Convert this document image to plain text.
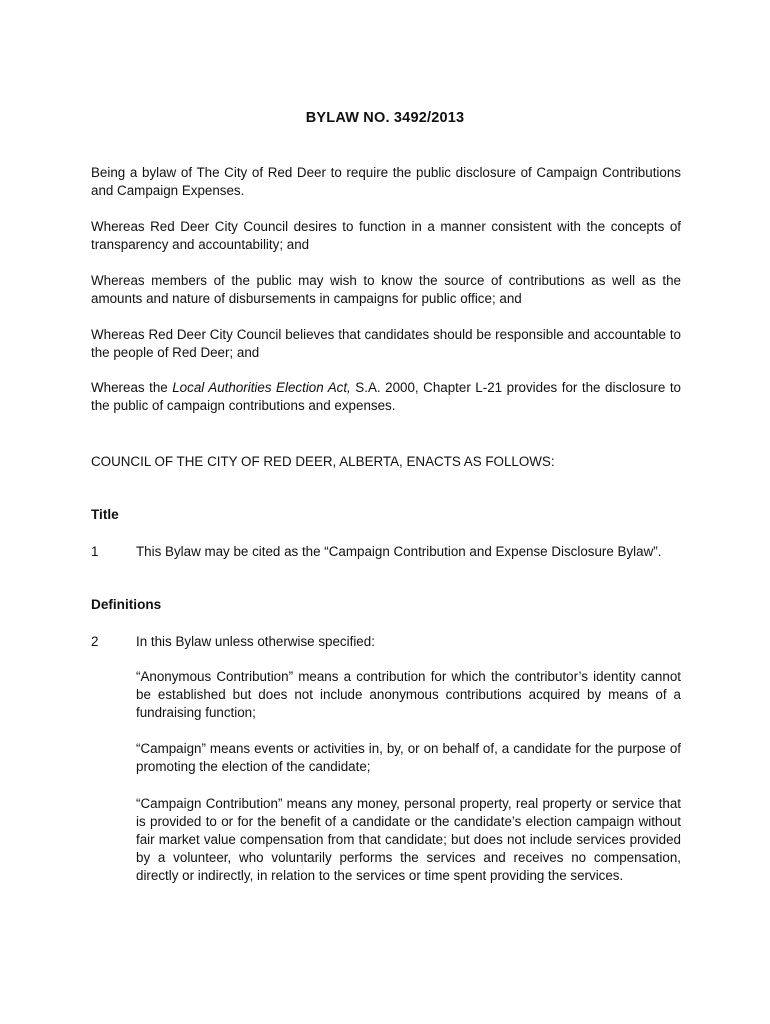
BYLAW NO. 3492/2013
Being a bylaw of The City of Red Deer to require the public disclosure of Campaign Contributions and Campaign Expenses.
Whereas Red Deer City Council desires to function in a manner consistent with the concepts of transparency and accountability; and
Whereas members of the public may wish to know the source of contributions as well as the amounts and nature of disbursements in campaigns for public office; and
Whereas Red Deer City Council believes that candidates should be responsible and accountable to the people of Red Deer; and
Whereas the Local Authorities Election Act, S.A. 2000, Chapter L-21 provides for the disclosure to the public of campaign contributions and expenses.
COUNCIL OF THE CITY OF RED DEER, ALBERTA, ENACTS AS FOLLOWS:
Title
1	This Bylaw may be cited as the “Campaign Contribution and Expense Disclosure Bylaw”.
Definitions
2	In this Bylaw unless otherwise specified:
“Anonymous Contribution” means a contribution for which the contributor’s identity cannot be established but does not include anonymous contributions acquired by means of a fundraising function;
“Campaign” means events or activities in, by, or on behalf of, a candidate for the purpose of promoting the election of the candidate;
“Campaign Contribution” means any money, personal property, real property or service that is provided to or for the benefit of a candidate or the candidate’s election campaign without fair market value compensation from that candidate; but does not include services provided by a volunteer, who voluntarily performs the services and receives no compensation, directly or indirectly, in relation to the services or time spent providing the services.
